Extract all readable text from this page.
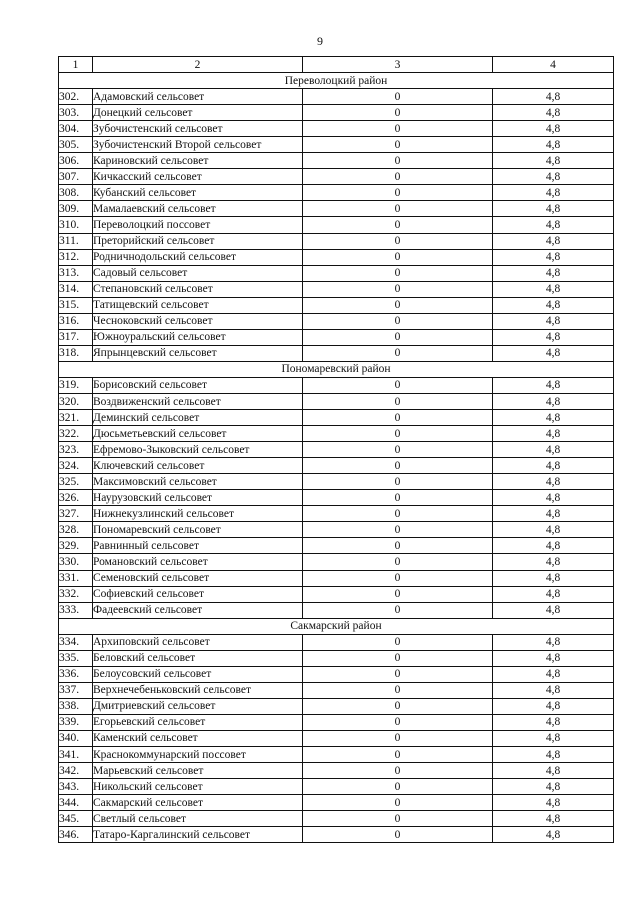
9
1	2	3	4
Переволоцкий район			
302.	Адамовский сельсовет	0	4,8
303.	Донецкий сельсовет	0	4,8
304.	Зубочистенский сельсовет	0	4,8
305.	Зубочистенский Второй сельсовет	0	4,8
306.	Кариновский сельсовет	0	4,8
307.	Кичкасский сельсовет	0	4,8
308.	Кубанский сельсовет	0	4,8
309.	Мамалаевский сельсовет	0	4,8
310.	Переволоцкий поссовет	0	4,8
311.	Преторийский сельсовет	0	4,8
312.	Родничнодольский сельсовет	0	4,8
313.	Садовый сельсовет	0	4,8
314.	Степановский сельсовет	0	4,8
315.	Татищевский сельсовет	0	4,8
316.	Чесноковский сельсовет	0	4,8
317.	Южноуральский сельсовет	0	4,8
318.	Япрынцевский сельсовет	0	4,8
Пономаревский район			
319.	Борисовский сельсовет	0	4,8
320.	Воздвиженский сельсовет	0	4,8
321.	Деминский сельсовет	0	4,8
322.	Дюсьметьевский сельсовет	0	4,8
323.	Ефремово-Зыковский сельсовет	0	4,8
324.	Ключевский сельсовет	0	4,8
325.	Максимовский сельсовет	0	4,8
326.	Наурузовский сельсовет	0	4,8
327.	Нижнекузлинский сельсовет	0	4,8
328.	Пономаревский сельсовет	0	4,8
329.	Равнинный сельсовет	0	4,8
330.	Романовский сельсовет	0	4,8
331.	Семеновский сельсовет	0	4,8
332.	Софиевский сельсовет	0	4,8
333.	Фадеевский сельсовет	0	4,8
Сакмарский район			
334.	Архиповский сельсовет	0	4,8
335.	Беловский сельсовет	0	4,8
336.	Белоусовский сельсовет	0	4,8
337.	Верхнечебеньковский сельсовет	0	4,8
338.	Дмитриевский сельсовет	0	4,8
339.	Егорьевский сельсовет	0	4,8
340.	Каменский сельсовет	0	4,8
341.	Краснокоммунарский поссовет	0	4,8
342.	Марьевский сельсовет	0	4,8
343.	Никольский сельсовет	0	4,8
344.	Сакмарский сельсовет	0	4,8
345.	Светлый сельсовет	0	4,8
346.	Татаро-Каргалинский сельсовет	0	4,8
